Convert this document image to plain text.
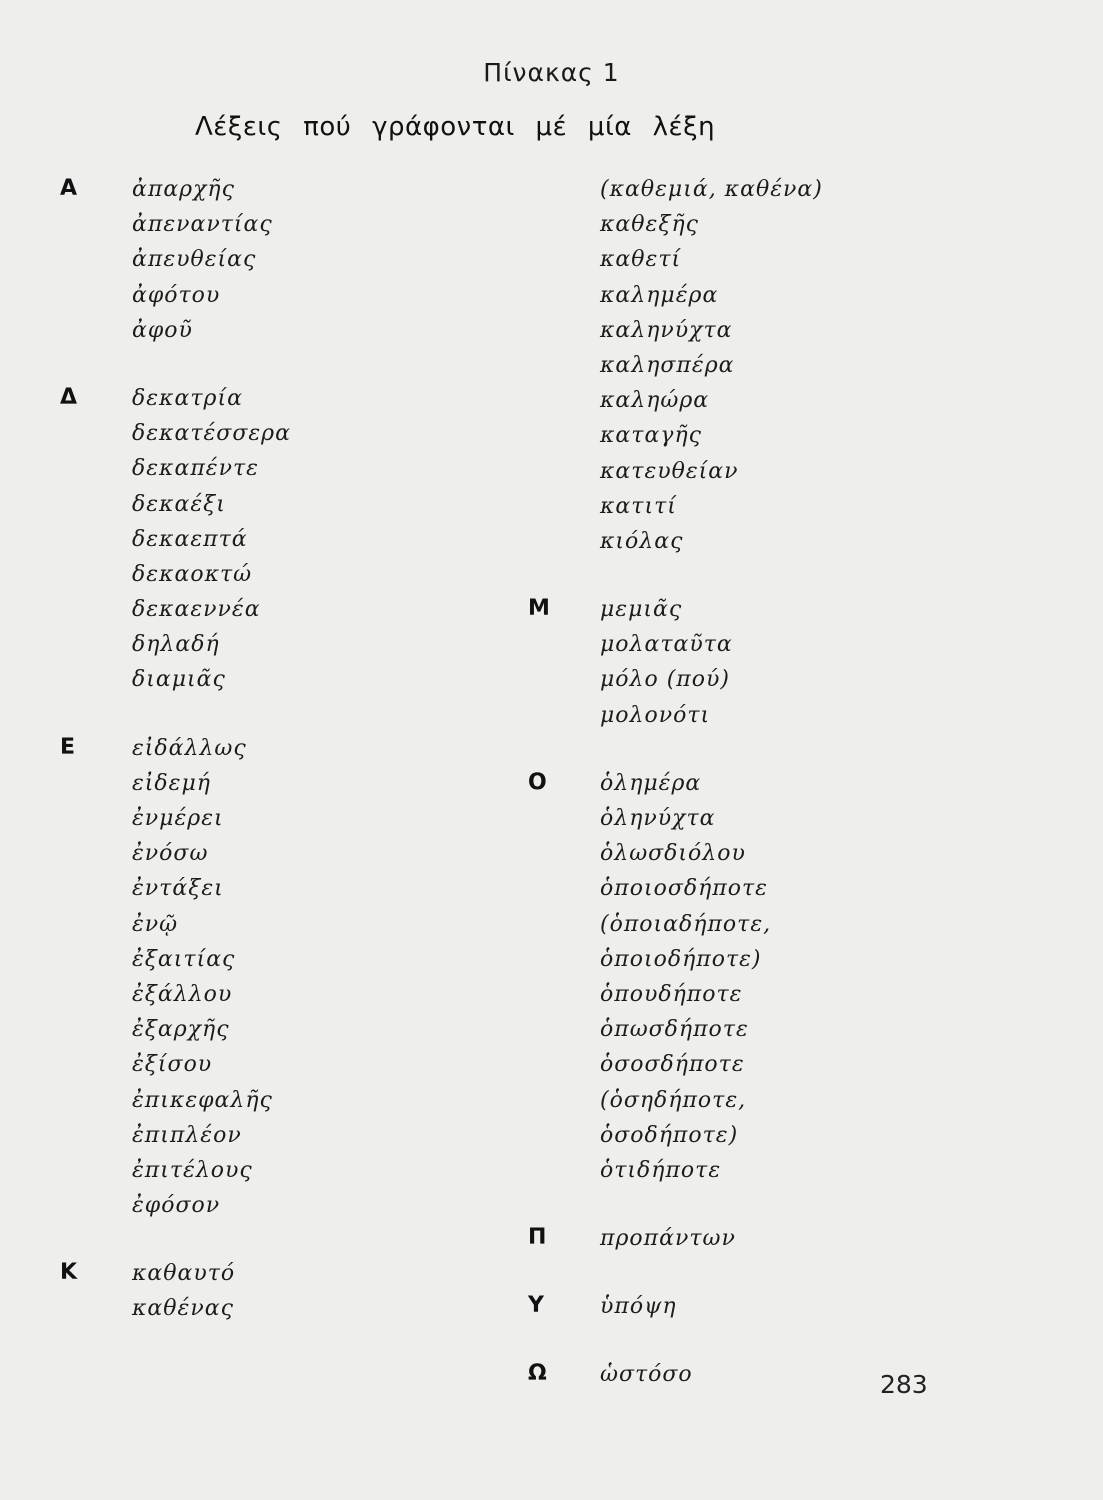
Πίνακας 1
Λέξεις πού γράφονται μέ μία λέξη
Α ἀπαρχῆς
ἀπεναντίας
ἀπευθείας
ἀφότου
ἀφοῦ
Δ δεκατρία
δεκατέσσερα
δεκαπέντε
δεκαέξι
δεκαεπτά
δεκαοκτώ
δεκαεννέα
δηλαδή
διαμιᾶς
Ε	εἰδάλλως
εἰδεμή
ἐνμέρει
ἐνόσω
ἐντάξει
ἐνῷ
ἐξαιτίας
ἐξάλλου
ἐξαρχῆς
ἐξίσου
ἐπικεφαλῆς
ἐπιπλέον
ἐπιτέλους
ἐφόσον
Κ καθαυτό
καθένας
(καθεμιά, καθένα)
καθεξῆς
καθετί
καλημέρα
καληνύχτα
καλησπέρα
καληώρα
καταγῆς
κατευθείαν
κατιτί
κιόλας
Μ μεμιᾶς
μολαταῦτα
μόλο (πού)
μολονότι
Ο ὁλημέρα
ὁληνύχτα
ὁλωσδιόλου
ὁποιοσδήποτε
(ὁποιαδήποτε,
ὁποιοδήποτε)
ὁπουδήποτε
ὁπωσδήποτε
ὁσοσδήποτε
(ὁσηδήποτε,
ὁσοδήποτε)
ὁτιδήποτε
Π προπάντων
Υ	ὑπόψη
Ω ὡστόσο	283
